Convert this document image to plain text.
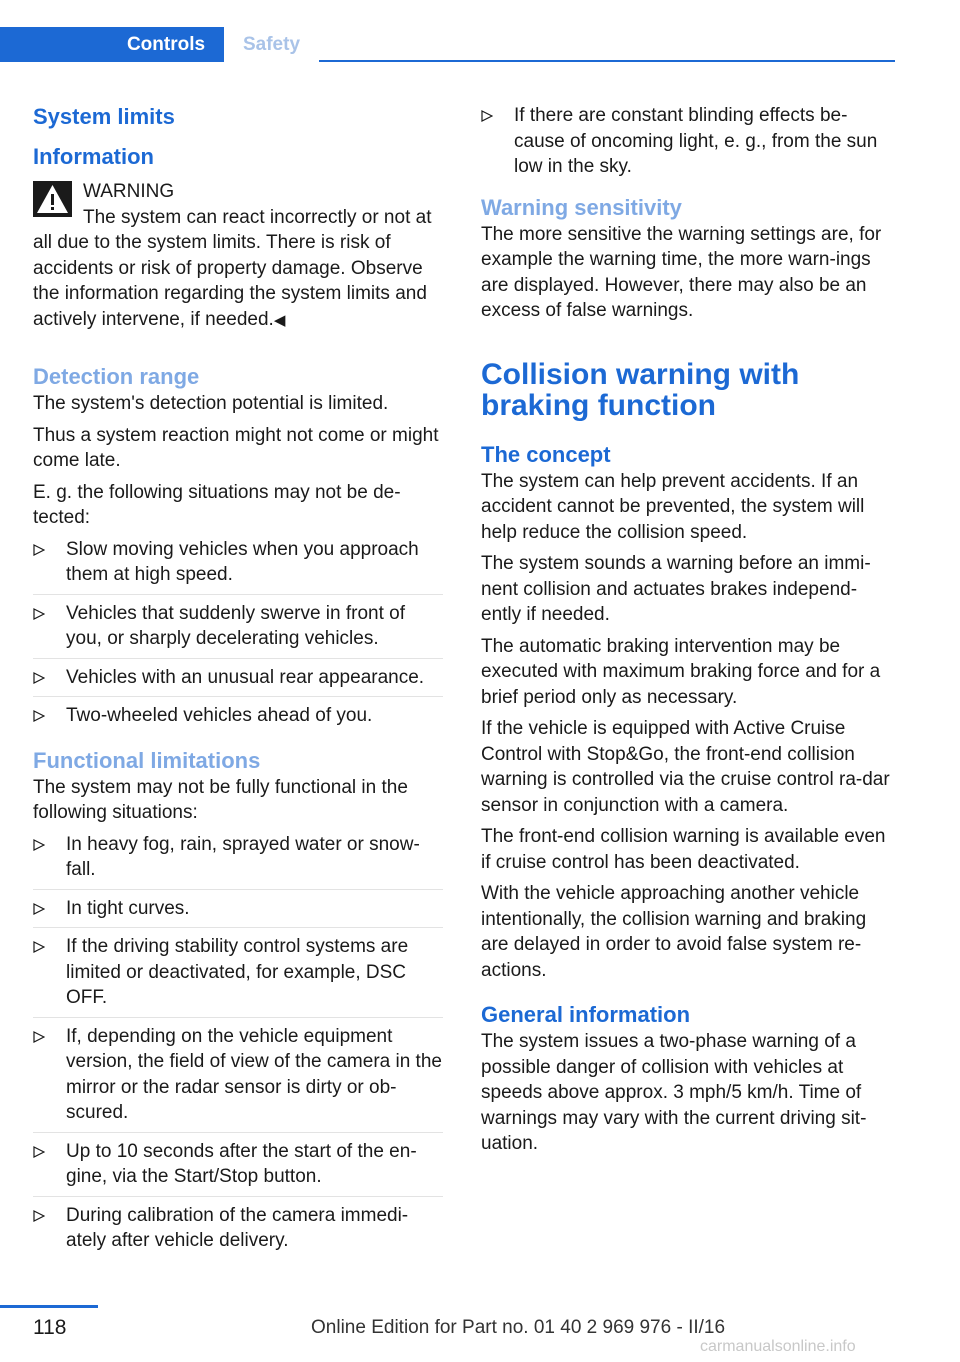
Controls	Safety
System limits
Information
WARNING
The system can react incorrectly or not at all due to the system limits. There is risk of accidents or risk of property damage. Observe the information regarding the system limits and actively intervene, if needed.◀
Detection range

The system's detection potential is limited.

Thus a system reaction might not come or might come late.

E. g. the following situations may not be de‐tected:

Slow moving vehicles when you approach them at high speed.
Vehicles that suddenly swerve in front of you, or sharply decelerating vehicles.
Vehicles with an unusual rear appearance.
Two-wheeled vehicles ahead of you.
Functional limitations

The system may not be fully functional in the following situations:

In heavy fog, rain, sprayed water or snow‐fall.
In tight curves.
If the driving stability control systems are limited or deactivated, for example, DSC OFF.
If, depending on the vehicle equipment version, the field of view of the camera in the mirror or the radar sensor is dirty or ob‐scured.
Up to 10 seconds after the start of the en‐gine, via the Start/Stop button.
During calibration of the camera immedi‐ately after vehicle delivery.
If there are constant blinding effects be‐cause of oncoming light, e. g., from the sun low in the sky.
Warning sensitivity

The more sensitive the warning settings are, for example the warning time, the more warn‐ings are displayed. However, there may also be an excess of false warnings.

Collision warning with braking function
The concept

The system can help prevent accidents. If an accident cannot be prevented, the system will help reduce the collision speed.

The system sounds a warning before an immi‐nent collision and actuates brakes independ‐ently if needed.

The automatic braking intervention may be executed with maximum braking force and for a brief period only as necessary.

If the vehicle is equipped with Active Cruise Control with Stop&Go, the front-end collision warning is controlled via the cruise control ra‐dar sensor in conjunction with a camera.

The front-end collision warning is available even if cruise control has been deactivated.

With the vehicle approaching another vehicle intentionally, the collision warning and braking are delayed in order to avoid false system re‐actions.

General information

The system issues a two-phase warning of a possible danger of collision with vehicles at speeds above approx. 3 mph/5 km/h. Time of warnings may vary with the current driving sit‐uation.

118	Online Edition for Part no. 01 40 2 969 976 - II/16
carmanualsonline.info
